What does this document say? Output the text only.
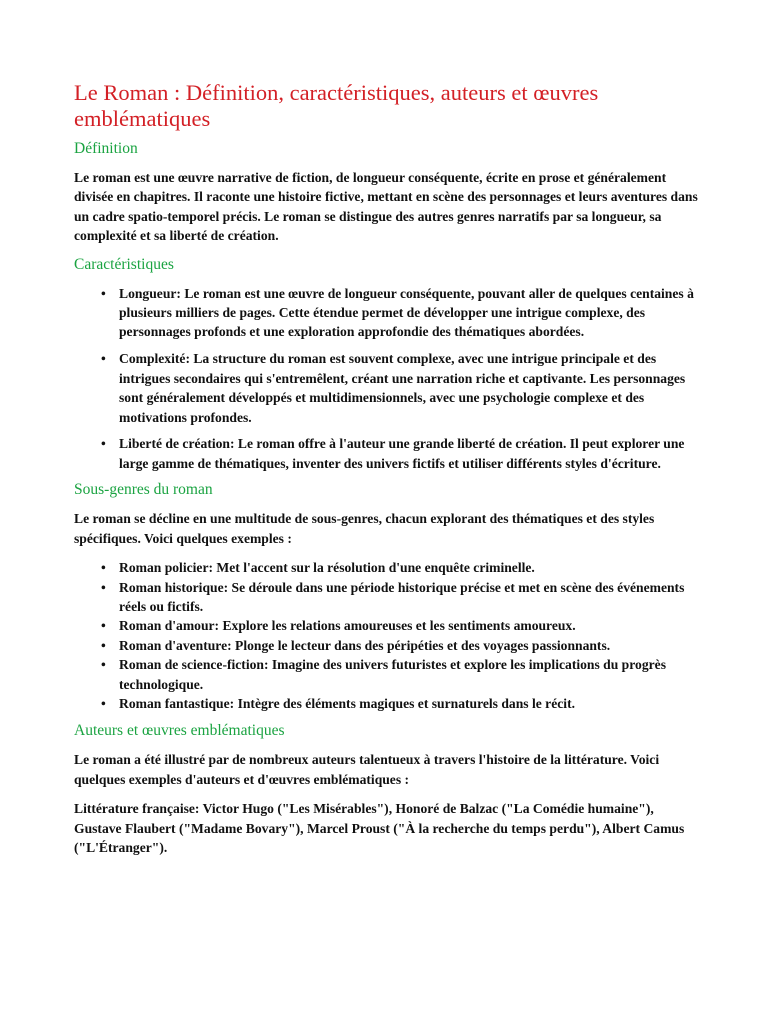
Le Roman : Définition, caractéristiques, auteurs et œuvres emblématiques
Définition

Le roman est une œuvre narrative de fiction, de longueur conséquente, écrite en prose et généralement divisée en chapitres. Il raconte une histoire fictive, mettant en scène des personnages et leurs aventures dans un cadre spatio-temporel précis. Le roman se distingue des autres genres narratifs par sa longueur, sa complexité et sa liberté de création.

Caractéristiques
• Longueur: Le roman est une œuvre de longueur conséquente, pouvant aller de quelques centaines à plusieurs milliers de pages. Cette étendue permet de développer une intrigue complexe, des personnages profonds et une exploration approfondie des thématiques abordées.
• Complexité: La structure du roman est souvent complexe, avec une intrigue principale et des intrigues secondaires qui s'entremêlent, créant une narration riche et captivante. Les personnages sont généralement développés et multidimensionnels, avec une psychologie complexe et des motivations profondes.
• Liberté de création: Le roman offre à l'auteur une grande liberté de création. Il peut explorer une large gamme de thématiques, inventer des univers fictifs et utiliser différents styles d'écriture.
Sous-genres du roman

Le roman se décline en une multitude de sous-genres, chacun explorant des thématiques et des styles spécifiques. Voici quelques exemples :

• Roman policier: Met l'accent sur la résolution d'une enquête criminelle.
• Roman historique: Se déroule dans une période historique précise et met en scène des événements réels ou fictifs.
• Roman d'amour: Explore les relations amoureuses et les sentiments amoureux.
• Roman d'aventure: Plonge le lecteur dans des péripéties et des voyages passionnants.
• Roman de science-fiction: Imagine des univers futuristes et explore les implications du progrès technologique.
• Roman fantastique: Intègre des éléments magiques et surnaturels dans le récit.
Auteurs et œuvres emblématiques

Le roman a été illustré par de nombreux auteurs talentueux à travers l'histoire de la littérature. Voici quelques exemples d'auteurs et d'œuvres emblématiques :

Littérature française: Victor Hugo ("Les Misérables"), Honoré de Balzac ("La Comédie humaine"), Gustave Flaubert ("Madame Bovary"), Marcel Proust ("À la recherche du temps perdu"), Albert Camus ("L'Étranger").
